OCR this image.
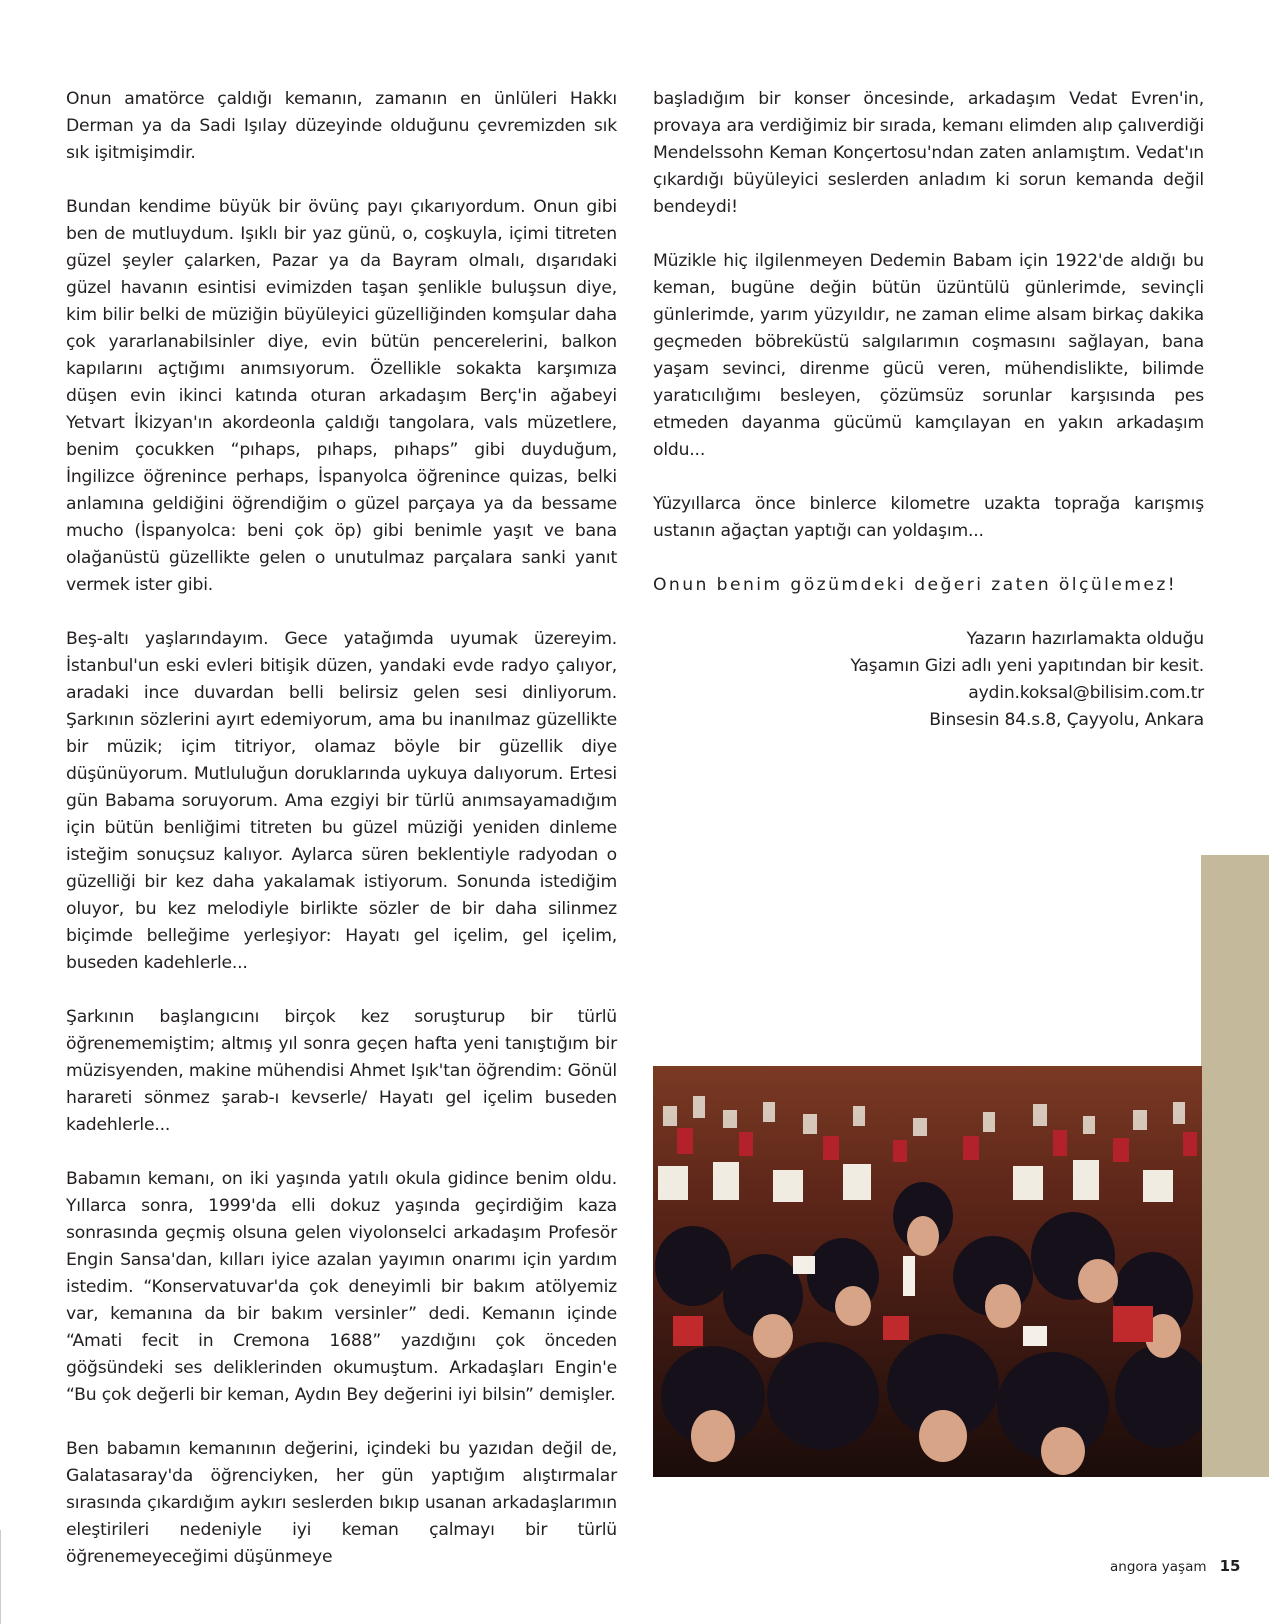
Onun amatörce çaldığı kemanın, zamanın en ünlüleri Hakkı Derman ya da Sadi Işılay düzeyinde olduğunu çevremizden sık sık işitmişimdir.

Bundan kendime büyük bir övünç payı çıkarıyordum. Onun gibi ben de mutluydum. Işıklı bir yaz günü, o, coşkuyla, içimi titreten güzel şeyler çalarken, Pazar ya da Bayram olmalı, dışarıdaki güzel havanın esintisi evimizden taşan şenlikle buluşsun diye, kim bilir belki de müziğin büyüleyici güzelliğinden komşular daha çok yararlanabilsinler diye, evin bütün pencerelerini, balkon kapılarını açtığımı anımsıyorum. Özellikle sokakta karşımıza düşen evin ikinci katında oturan arkadaşım Berç'in ağabeyi Yetvart İkizyan'ın akordeonla çaldığı tangolara, vals müzetlere, benim çocukken “pıhaps, pıhaps, pıhaps” gibi duyduğum, İngilizce öğrenince perhaps, İspanyolca öğrenince quizas, belki anlamına geldiğini öğrendiğim o güzel parçaya ya da bessame mucho (İspanyolca: beni çok öp) gibi benimle yaşıt ve bana olağanüstü güzellikte gelen o unutulmaz parçalara sanki yanıt vermek ister gibi.

Beş-altı yaşlarındayım. Gece yatağımda uyumak üzereyim. İstanbul'un eski evleri bitişik düzen, yandaki evde radyo çalıyor, aradaki ince duvardan belli belirsiz gelen sesi dinliyorum. Şarkının sözlerini ayırt edemiyorum, ama bu inanılmaz güzellikte bir müzik; içim titriyor, olamaz böyle bir güzellik diye düşünüyorum. Mutluluğun doruklarında uykuya dalıyorum. Ertesi gün Babama soruyorum. Ama ezgiyi bir türlü anımsayamadığım için bütün benliğimi titreten bu güzel müziği yeniden dinleme isteğim sonuçsuz kalıyor. Aylarca süren beklentiyle radyodan o güzelliği bir kez daha yakalamak istiyorum. Sonunda istediğim oluyor, bu kez melodiyle birlikte sözler de bir daha silinmez biçimde belleğime yerleşiyor: Hayatı gel içelim, gel içelim, buseden kadehlerle...

Şarkının başlangıcını birçok kez soruşturup bir türlü öğrenememiştim; altmış yıl sonra geçen hafta yeni tanıştığım bir müzisyenden, makine mühendisi Ahmet Işık'tan öğrendim: Gönül harareti sönmez şarab-ı kevserle/ Hayatı gel içelim buseden kadehlerle...

Babamın kemanı, on iki yaşında yatılı okula gidince benim oldu. Yıllarca sonra, 1999'da elli dokuz yaşında geçirdiğim kaza sonrasında geçmiş olsuna gelen viyolonselci arkadaşım Profesör Engin Sansa'dan, kılları iyice azalan yayımın onarımı için yardım istedim. “Konservatuvar'da çok deneyimli bir bakım atölyemiz var, kemanına da bir bakım versinler” dedi. Kemanın içinde “Amati fecit in Cremona 1688” yazdığını çok önceden göğsündeki ses deliklerinden okumuştum. Arkadaşları Engin'e “Bu çok değerli bir keman, Aydın Bey değerini iyi bilsin” demişler.

Ben babamın kemanının değerini, içindeki bu yazıdan değil de, Galatasaray'da öğrenciyken, her gün yaptığım alıştırmalar sırasında çıkardığım aykırı seslerden bıkıp usanan arkadaşlarımın eleştirileri nedeniyle iyi keman çalmayı bir türlü öğrenemeyeceğimi düşünmeye

başladığım bir konser öncesinde, arkadaşım Vedat Evren'in, provaya ara verdiğimiz bir sırada, kemanı elimden alıp çalıverdiği Mendelssohn Keman Konçertosu'ndan zaten anlamıştım. Vedat'ın çıkardığı büyüleyici seslerden anladım ki sorun kemanda değil bendeydi!

Müzikle hiç ilgilenmeyen Dedemin Babam için 1922'de aldığı bu keman, bugüne değin bütün üzüntülü günlerimde, sevinçli günlerimde, yarım yüzyıldır, ne zaman elime alsam birkaç dakika geçmeden böbreküstü salgılarımın coşmasını sağlayan, bana yaşam sevinci, direnme gücü veren, mühendislikte, bilimde yaratıcılığımı besleyen, çözümsüz sorunlar karşısında pes etmeden dayanma gücümü kamçılayan en yakın arkadaşım oldu...

Yüzyıllarca önce binlerce kilometre uzakta toprağa karışmış ustanın ağaçtan yaptığı can yoldaşım...

Onun benim gözümdeki değeri zaten ölçülemez!

Yazarın hazırlamakta olduğu
Yaşamın Gizi adlı yeni yapıtından bir kesit.
aydin.koksal@bilisim.com.tr
Binsesin 84.s.8, Çayyolu, Ankara
angora yaşam 15
